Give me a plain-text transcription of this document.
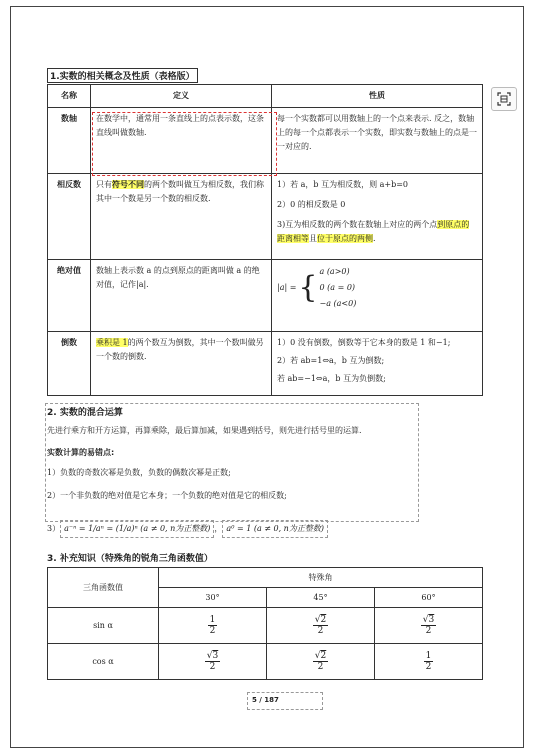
1.实数的相关概念及性质（表格版）
名称	定义	性质
数轴	在数学中，通常用一条直线上的点表示数，这条直线叫做数轴.	每一个实数都可以用数轴上的一个点来表示. 反之，数轴上的每一个点都表示一个实数，即实数与数轴上的点是一一对应的.
相反数	只有符号不同的两个数叫做互为相反数，我们称其中一个数是另一个数的相反数.	1）若 a，b 互为相反数，则 a+b=0
2）0 的相反数是 0
3)互为相反数的两个数在数轴上对应的两个点到原点的距离相等且位于原点的两侧.

绝对值	数轴上表示数 a 的点到原点的距离叫做 a 的绝对值，记作|a|.	|a| = { a (a>0)
0 (a = 0)
−a (a<0)

倒数	乘积是 1的两个数互为倒数，其中一个数叫做另一个数的倒数.	1）0 没有倒数，倒数等于它本身的数是 1 和−1;
2）若 ab=1⇔a，b 互为倒数;
若 ab=−1⇔a，b 互为负倒数;
2. 实数的混合运算
先进行乘方和开方运算，再算乘除，最后算加减，如果遇到括号，则先进行括号里的运算.
实数计算的易错点:
1）负数的奇数次幂是负数，负数的偶数次幂是正数;
2）一个非负数的绝对值是它本身；一个负数的绝对值是它的相反数;
3） a⁻ⁿ = 1/aⁿ = (1/a)ⁿ (a ≠ 0, n为正整数) ， a⁰ = 1 (a ≠ 0, n为正整数)
3. 补充知识（特殊角的锐角三角函数值）
三角函数值	特殊角		
	30°	45°	60°
sin α	$\frac{1}{2}$	$\frac{√2}{2}$	$\frac{√3}{2}$

cos α	$\frac{√3}{2}$	$\frac{√2}{2}$	$\frac{1}{2}$
5 / 187
